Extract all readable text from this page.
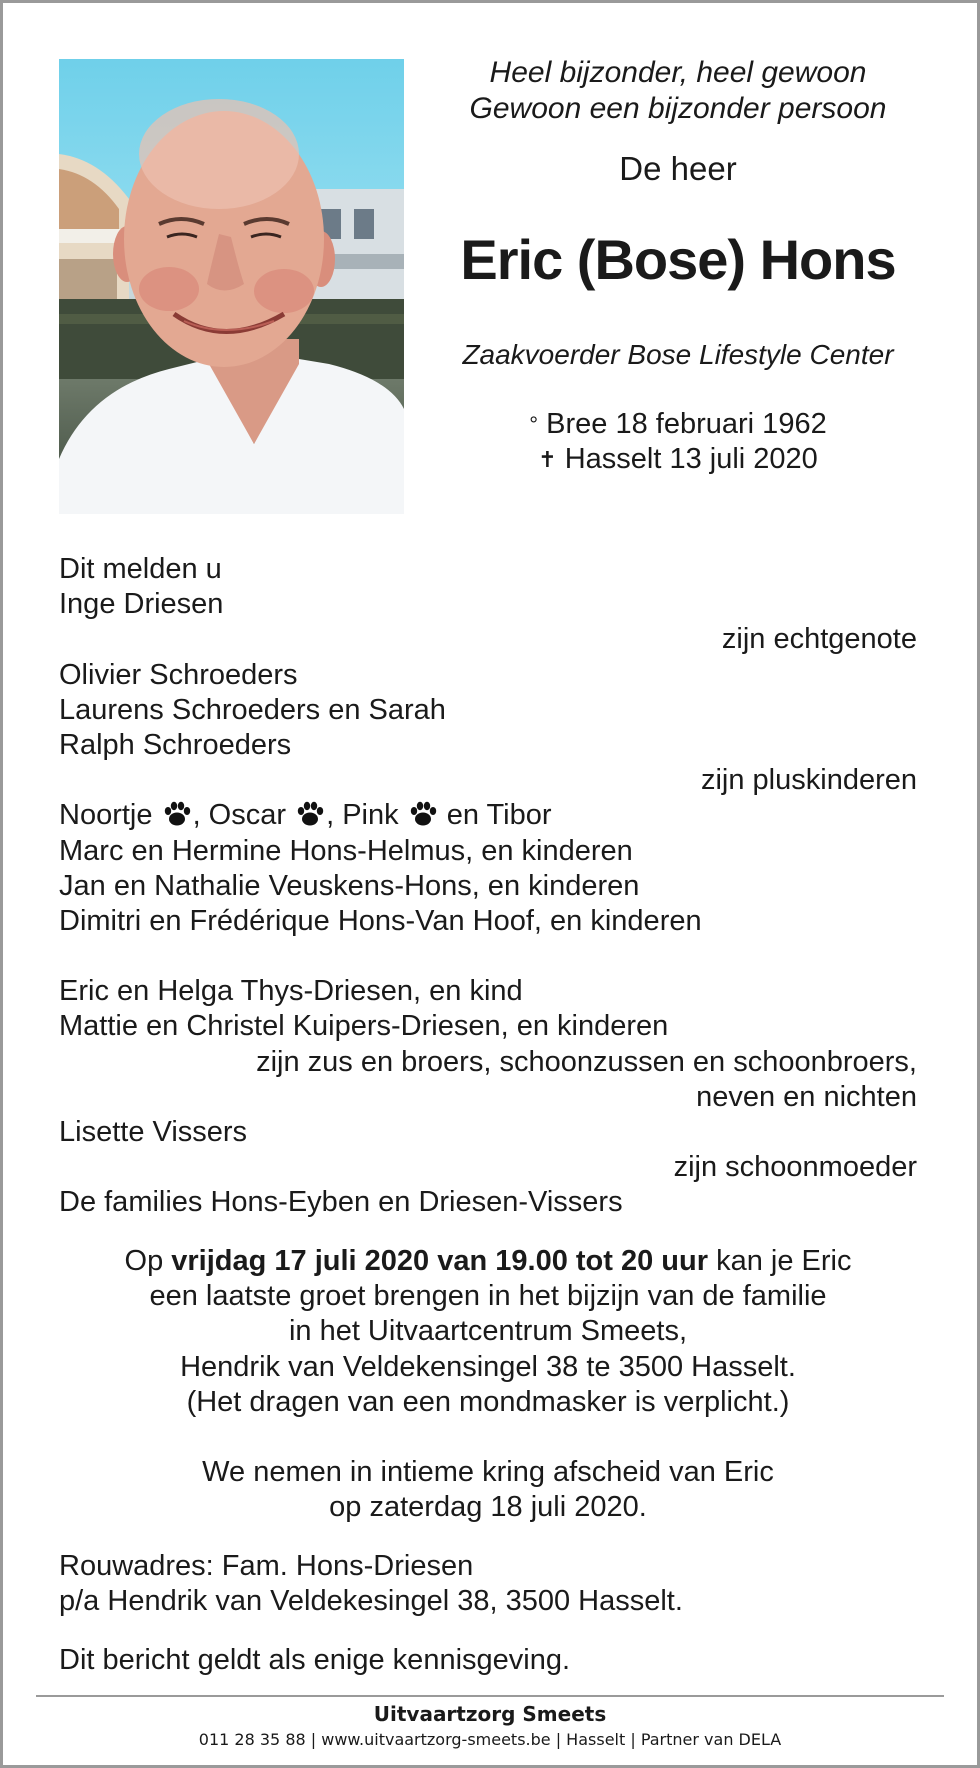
Heel bijzonder, heel gewoon
Gewoon een bijzonder persoon
De heer
Eric (Bose) Hons
Zaakvoerder Bose Lifestyle Center
° Bree 18 februari 1962
✝ Hasselt 13 juli 2020
Dit melden u
Inge Driesen
zijn echtgenote
Olivier Schroeders
Laurens Schroeders en Sarah
Ralph Schroeders
zijn pluskinderen
Noortje , Oscar , Pink  en Tibor
Marc en Hermine Hons-Helmus, en kinderen
Jan en Nathalie Veuskens-Hons, en kinderen
Dimitri en Frédérique Hons-Van Hoof, en kinderen
Eric en Helga Thys-Driesen, en kind
Mattie en Christel Kuipers-Driesen, en kinderen
zijn zus en broers, schoonzussen en schoonbroers,
neven en nichten
Lisette Vissers
zijn schoonmoeder
De families Hons-Eyben en Driesen-Vissers
Op vrijdag 17 juli 2020 van 19.00 tot 20 uur kan je Eric
een laatste groet brengen in het bijzijn van de familie
in het Uitvaartcentrum Smeets,
Hendrik van Veldekensingel 38 te 3500 Hasselt.
(Het dragen van een mondmasker is verplicht.)
We nemen in intieme kring afscheid van Eric
op zaterdag 18 juli 2020.
Rouwadres: Fam. Hons-Driesen
p/a Hendrik van Veldekesingel 38, 3500 Hasselt.
Dit bericht geldt als enige kennisgeving.
Uitvaartzorg Smeets
011 28 35 88 | www.uitvaartzorg-smeets.be | Hasselt | Partner van DELA
